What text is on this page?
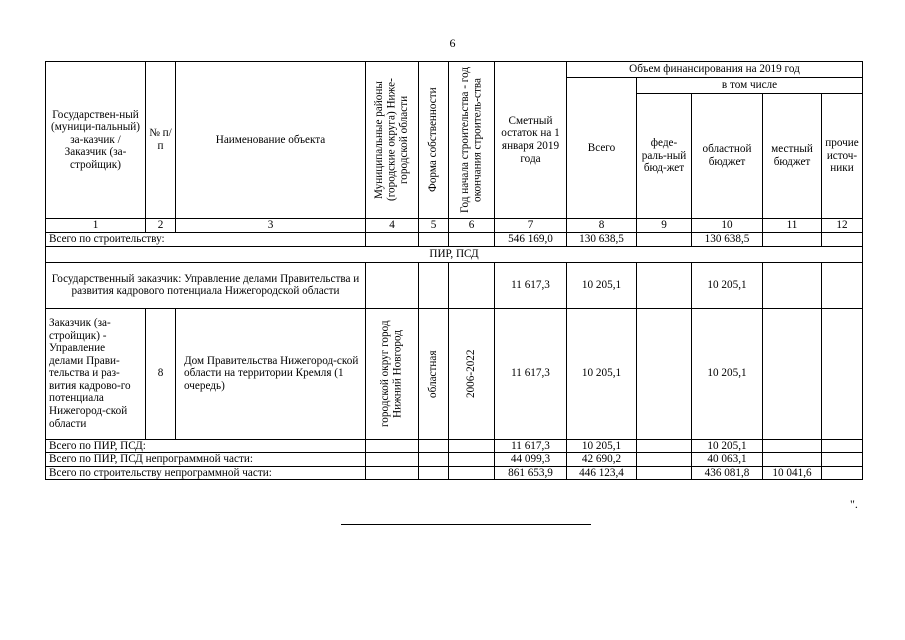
6
Государствен-ный (муници-пальный) за-казчик / Заказчик (за-стройщик)	№ п/п	Наименование объекта	Муниципальные районы (городские округа) Ниже-городской области	Форма собственности	Год начала строительства - год окончания строитель-ства	Сметный остаток на 1 января 2019 года	Объем финансирования на 2019 год				
							Всего	в том числе			
								феде-раль-ный бюд-жет	областной бюджет	местный бюджет	прочие источ-ники
1	2	3	4	5	6	7	8	9	10	11	12
Всего по строительству:						546 169,0	130 638,5		130 638,5		
ПИР, ПСД											
Государственный заказчик: Управление делами Правительства и развития кадрового потенциала Нижегородской области						11 617,3	10 205,1		10 205,1		
Заказчик (за-стройщик) - Управление делами Прави-тельства и раз-вития кадрово-го потенциала Нижегород-ской области	8	Дом Правительства Нижегород-ской области на территории Кремля (1 очередь)	городской округ город Нижний Новгород	областная	2006-2022	11 617,3	10 205,1		10 205,1		
Всего по ПИР, ПСД:						11 617,3	10 205,1		10 205,1		
Всего по ПИР, ПСД непрограммной части:						44 099,3	42 690,2		40 063,1		
Всего по строительству непрограммной части:						861 653,9	446 123,4		436 081,8	10 041,6	
".
